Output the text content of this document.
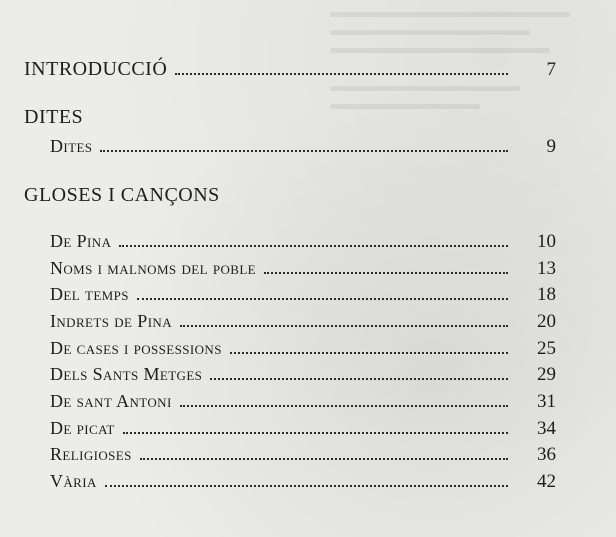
INTRODUCCIÓ	7
DITES
Dites	9
GLOSES I CANÇONS
De Pina	10
Noms i malnoms del poble	13
Del temps	18
Indrets de Pina	20
De cases i possessions	25
Dels Sants Metges	29
De sant Antoni	31
De picat	34
Religioses	36
Vària	42
